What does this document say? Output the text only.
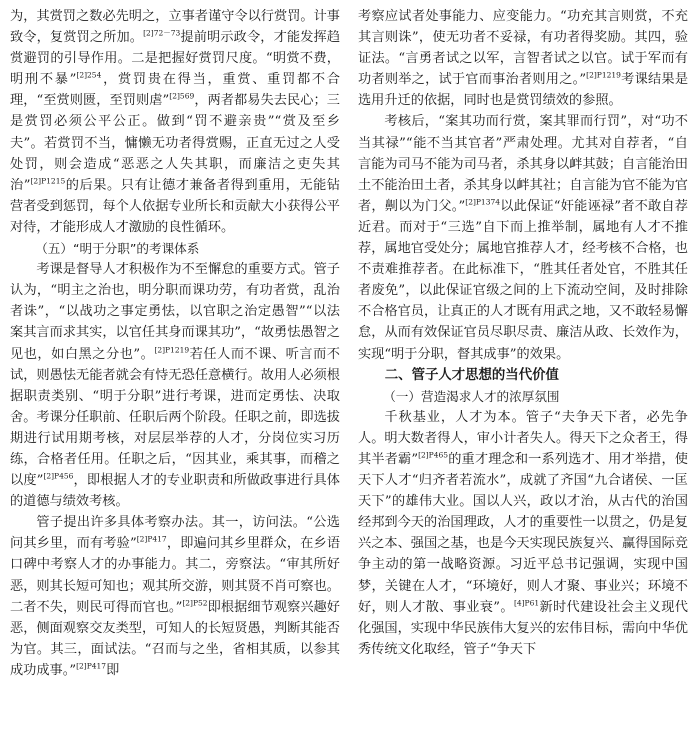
为，其赏罚之数必先明之，立事者谨守令以行赏罚。计事致令，复赏罚之所加。$^{[2]72-73}$提前明示政令，才能发挥趋赏避罚的引导作用。二是把握好赏罚尺度。“明赏不费，明刑不暴”$^{[2]254}$，赏罚贵在得当，重赏、重罚都不合理，“至赏则匮，至罚则虐”$^{[2]569}$，两者都易失去民心；三是赏罚必须公平公正。做到“罚不避亲贵”“赏及至乡夫”。若赏罚不当，慵懒无功者得赏赐，正直无过之人受处罚，则会造成“恶恶之人失其职，而廉洁之吏失其治”$^{[2]P1215}$的后果。只有让德才兼备者得到重用，无能钻营者受到惩罚，每个人依据专业所长和贡献大小获得公平对待，才能形成人才激励的良性循环。

（五）“明于分职”的考课体系

考课是督导人才积极作为不至懈怠的重要方式。管子认为，“明主之治也，明分职而课功劳，有功者赏，乱治者诛”，“以战功之事定勇怯，以官职之治定愚智”“以法案其言而求其实，以官任其身而课其功”，“故勇怯愚智之见也，如白黑之分也”。$^{[2]P1219}$若任人而不课、听言而不试，则愚怯无能者就会有恃无恐任意横行。故用人必须根据职责类别、“明于分职”进行考课，进而定勇怯、决取舍。考课分任职前、任职后两个阶段。任职之前，即选拔期进行试用期考核，对层层举荐的人才，分岗位实习历练，合格者任用。任职之后，“因其业，乘其事，而稽之以度”$^{[2]P456}$，即根据人才的专业职责和所做政事进行具体的道德与绩效考核。

管子提出许多具体考察办法。其一，访问法。“公选问其乡里，而有考验”$^{[2]P417}$，即遍问其乡里群众，在乡语口碑中考察人才的办事能力。其二，旁察法。“审其所好恶，则其长短可知也；观其所交游，则其贤不肖可察也。二者不失，则民可得而官也。”$^{[2]P52}$即根据细节观察兴趣好恶，侧面观察交友类型，可知人的长短贤愚，判断其能否为官。其三，面试法。“召而与之坐，省相其质，以参其成功成事。”$^{[2]P417}$即

考察应试者处事能力、应变能力。“功充其言则赏，不充其言则诛”，使无功者不妥禄，有功者得奖励。其四，验证法。“言勇者试之以军，言智者试之以官。试于军而有功者则举之，试于官而事治者则用之。”$^{[2]P1219}$考课结果是选用升迁的依据，同时也是赏罚绩效的参照。

考核后，“案其功而行赏，案其罪而行罚”，对“功不当其禄”“能不当其官者”严肃处理。尤其对自荐者，“自言能为司马不能为司马者，杀其身以衅其鼓；自言能治田土不能治田土者，杀其身以衅其社；自言能为官不能为官者，劓以为门父。”$^{[2]P1374}$以此保证“奸能诬禄”者不敢自荐近君。而对于“三选”自下而上推举制，属地有人才不推荐，属地官受处分；属地官推荐人才，经考核不合格，也不责难推荐者。在此标准下，“胜其任者处官，不胜其任者废免”，以此保证官级之间的上下流动空间，及时排除不合格官员，让真正的人才既有用武之地，又不敢轻易懈怠，从而有效保证官员尽职尽责、廉洁从政、长效作为，实现“明于分职，督其成事”的效果。

二、管子人才思想的当代价值

（一）营造渴求人才的浓厚氛围

千秋基业，人才为本。管子“夫争天下者，必先争人。明大数者得人，审小计者失人。得天下之众者王，得其半者霸”$^{[2]P465}$的重才理念和一系列选才、用才举措，使天下人才“归齐者若流水”，成就了齐国“九合诸侯、一匡天下”的雄伟大业。国以人兴，政以才治，从古代的治国经邦到今天的治国理政，人才的重要性一以贯之，仍是复兴之本、强国之基，也是今天实现民族复兴、赢得国际竞争主动的第一战略资源。习近平总书记强调，实现中国梦，关键在人才，“环境好，则人才聚、事业兴；环境不好，则人才散、事业衰”。$^{[4]P61}$新时代建设社会主义现代化强国，实现中华民族伟大复兴的宏伟目标，需向中华优秀传统文化取经，管子“争天下
